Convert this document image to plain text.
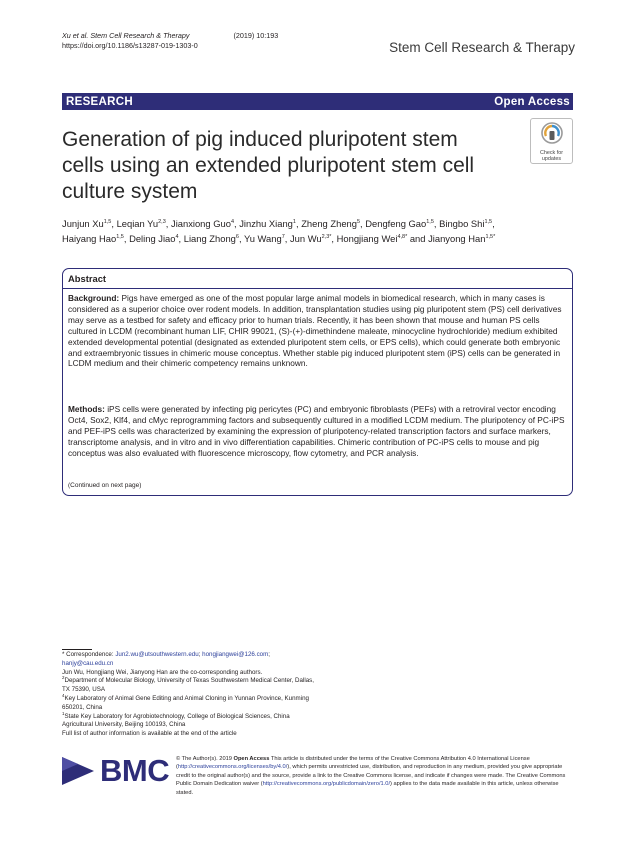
Xu et al. Stem Cell Research & Therapy	(2019) 10:193
https://doi.org/10.1186/s13287-019-1303-0	Stem Cell Research & Therapy
RESEARCH	Open Access
Generation of pig induced pluripotent stem cells using an extended pluripotent stem cell culture system
Check for
updates
Junjun Xu$^{1,5}$, Leqian Yu$^{2,3}$, Jianxiong Guo$^4$, Jinzhu Xiang$^1$, Zheng Zheng$^5$, Dengfeng Gao$^{1,5}$, Bingbo Shi$^{1,5}$,
Haiyang Hao$^{1,5}$, Deling Jiao$^4$, Liang Zhong$^6$, Yu Wang$^7$, Jun $Wu^{2,3*}$, Hongjiang Wei$^{4,8*}$ and Jianyong Han$^{1,5*}$
Abstract

Background: Pigs have emerged as one of the most popular large animal models in biomedical research, which in many cases is considered as a superior choice over rodent models. In addition, transplantation studies using pig pluripotent stem (PS) cell derivatives may serve as a testbed for safety and efficacy prior to human trials. Recently, it has been shown that mouse and human PS cells cultured in LCDM (recombinant human LIF, CHIR 99021, (S)-(+)-dimethindene maleate, minocycline hydrochloride) medium exhibited extended developmental potential (designated as extended pluripotent stem cells, or EPS cells), which could generate both embryonic and extraembryonic tissues in chimeric mouse conceptus. Whether stable pig induced pluripotent stem (iPS) cells can be generated in LCDM medium and their chimeric competency remains unknown.

Methods: iPS cells were generated by infecting pig pericytes (PC) and embryonic fibroblasts (PEFs) with a retroviral vector encoding Oct4, Sox2, Klf4, and cMyc reprogramming factors and subsequently cultured in a modified LCDM medium. The pluripotency of PC-iPS and PEF-iPS cells was characterized by examining the expression of pluripotency-related transcription factors and surface markers, transcriptome analysis, and in vitro and in vivo differentiation capabilities. Chimeric contribution of PC-iPS cells to mouse and pig conceptus was also evaluated with fluorescence microscopy, flow cytometry, and PCR analysis.

(Continued on next page)
* Correspondence: Jun2.wu@utsouthwestern.edu; hongjiangwei@126.com; hanjy@cau.edu.cn
Jun Wu, Hongjiang Wei, Jianyong Han are the co-corresponding authors.
$^2$Department of Molecular Biology, University of Texas Southwestern Medical Center, Dallas, TX 75390, USA
$^4$Key Laboratory of Animal Gene Editing and Animal Cloning in Yunnan Province, Kunming 650201, China
$^1$State Key Laboratory for Agrobiotechnology, College of Biological Sciences, China Agricultural University, Beijing 100193, China
Full list of author information is available at the end of the article
BMC © The Author(s). 2019 Open Access This article is distributed under the terms of the Creative Commons Attribution 4.0 International License (http://creativecommons.org/licenses/by/4.0/), which permits unrestricted use, distribution, and reproduction in any medium, provided you give appropriate credit to the original author(s) and the source, provide a link to the Creative Commons license, and indicate if changes were made. The Creative Commons Public Domain Dedication waiver (http://creativecommons.org/publicdomain/zero/1.0/) applies to the data made available in this article, unless otherwise stated.
